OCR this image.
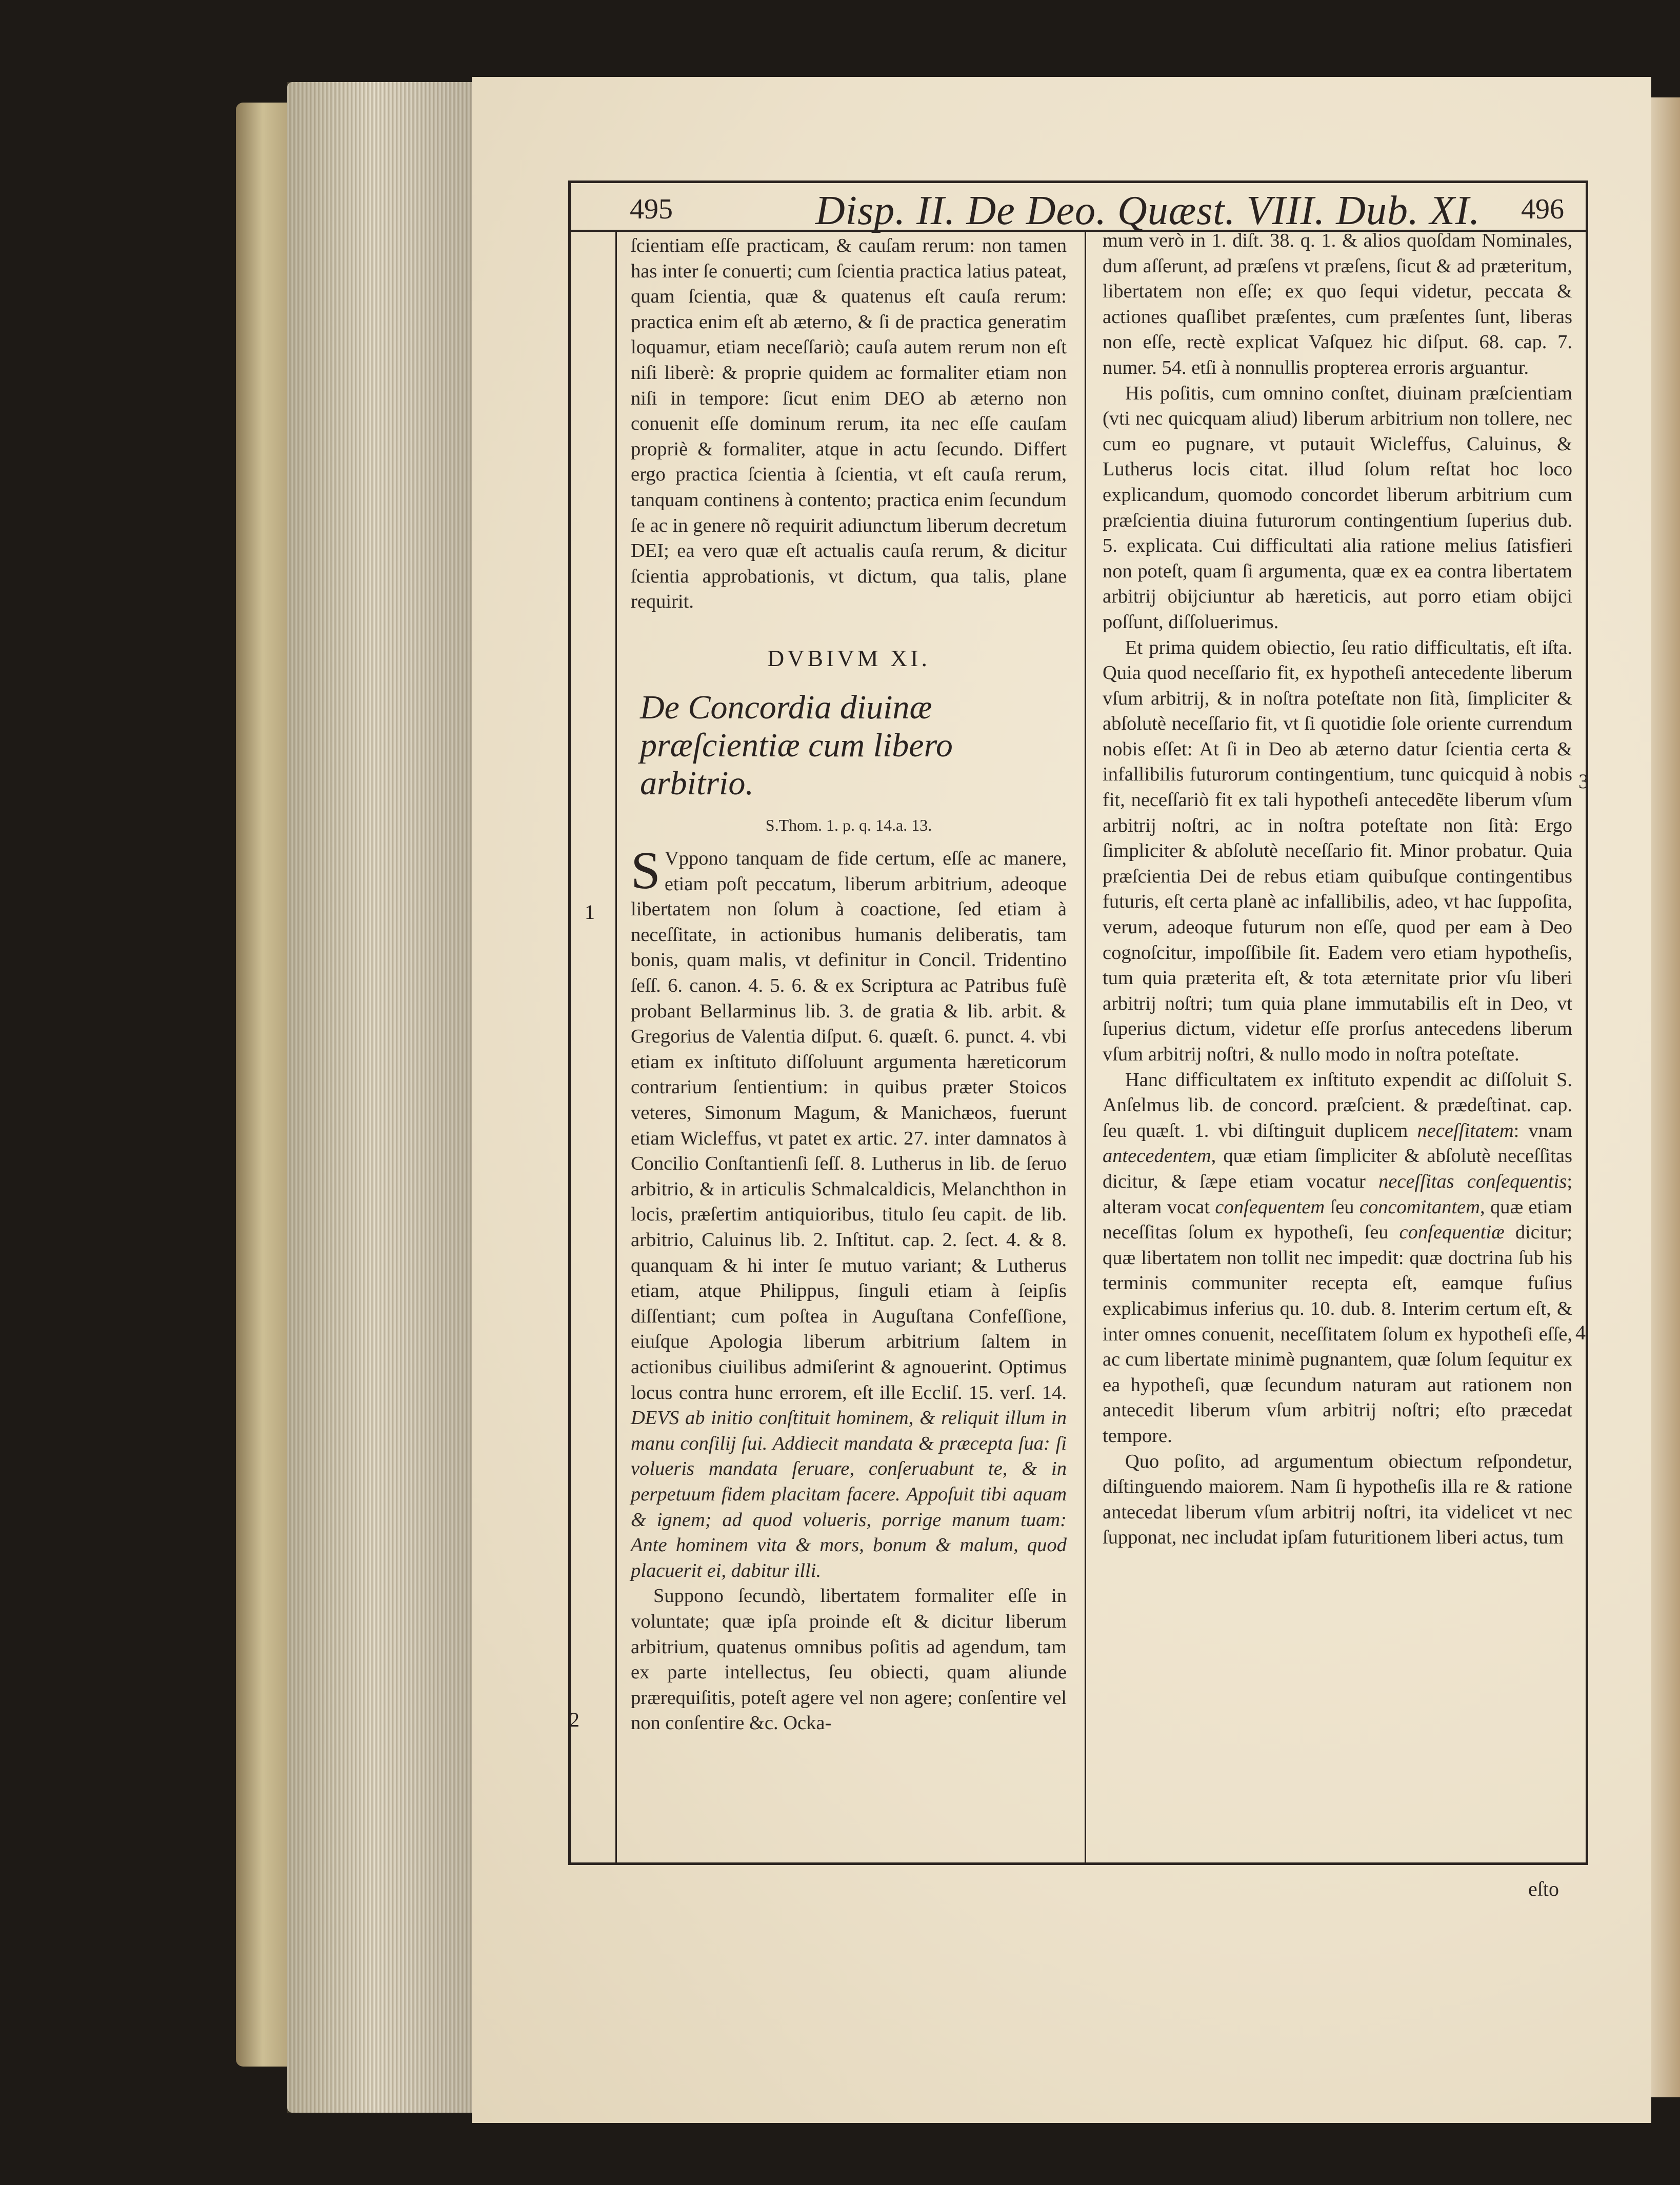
495	Disp. II. De Deo. Quæst. VIII. Dub. XI. 496

ſcientiam eſſe practicam, & cauſam rerum: non tamen has inter ſe conuerti; cum ſcientia practica latius pateat, quam ſcientia, quæ & quatenus eſt cauſa rerum: practica enim eſt ab æterno, & ſi de practica generatim loquamur, etiam neceſſariò; cauſa autem rerum non eſt niſi liberè: & proprie quidem ac formaliter etiam non niſi in tempore: ſicut enim DEO ab æterno non conuenit eſſe dominum rerum, ita nec eſſe cauſam propriè & formaliter, atque in actu ſecundo. Differt ergo practica ſcientia à ſcientia, vt eſt cauſa rerum, tanquam continens à contento; practica enim ſecundum ſe ac in genere nõ requirit adiunctum liberum decretum DEI; ea vero quæ eſt actualis cauſa rerum, & dicitur ſcientia approbationis, vt dictum, qua talis, plane requirit.

DVBIVM XI.
De Concordia diuinæ præſcientiæ cum libero arbitrio.
S.Thom. 1. p. q. 14.a. 13.

S Vppono tanquam de fide certum, eſſe ac manere, etiam poſt peccatum, liberum arbitrium, adeoque libertatem non ſolum à coactione, ſed etiam à neceſſitate, in actionibus humanis deliberatis, tam bonis, quam malis, vt definitur in Concil. Tridentino ſeſſ. 6. canon. 4. 5. 6. & ex Scriptura ac Patribus fuſè probant Bellarminus lib. 3. de gratia & lib. arbit. & Gregorius de Valentia diſput. 6. quæſt. 6. punct. 4. vbi etiam ex inſtituto diſſoluunt argumenta hæreticorum contrarium ſentientium: in quibus præter Stoicos veteres, Simonum Magum, & Manichæos, fuerunt etiam Wicleffus, vt patet ex artic. 27. inter damnatos à Concilio Conſtantienſi ſeſſ. 8. Lutherus in lib. de ſeruo arbitrio, & in articulis Schmalcaldicis, Melanchthon in locis, præſertim antiquioribus, titulo ſeu capit. de lib. arbitrio, Caluinus lib. 2. Inſtitut. cap. 2. ſect. 4. & 8. quanquam & hi inter ſe mutuo variant; & Lutherus etiam, atque Philippus, ſinguli etiam à ſeipſis diſſentiant; cum poſtea in Auguſtana Confeſſione, eiuſque Apologia liberum arbitrium ſaltem in actionibus ciuilibus admiſerint & agnouerint. Optimus locus contra hunc errorem, eſt ille Eccliſ. 15. verſ. 14. DEVS ab initio conſtituit hominem, & reliquit illum in manu conſilij ſui. Addiecit mandata & præcepta ſua: ſi volueris mandata ſeruare, conſeruabunt te, & in perpetuum fidem placitam facere. Appoſuit tibi aquam & ignem; ad quod volueris, porrige manum tuam: Ante hominem vita & mors, bonum & malum, quod placuerit ei, dabitur illi.

Suppono ſecundò, libertatem formaliter eſſe in voluntate; quæ ipſa proinde eſt & dicitur liberum arbitrium, quatenus omnibus poſitis ad agendum, tam ex parte intellectus, ſeu obiecti, quam aliunde prærequiſitis, poteſt agere vel non agere; conſentire vel non conſentire &c. Ocka-

mum verò in 1. diſt. 38. q. 1. & alios quoſdam Nominales, dum aſſerunt, ad præſens vt præſens, ſicut & ad præteritum, libertatem non eſſe; ex quo ſequi videtur, peccata & actiones quaſlibet præſentes, cum præſentes ſunt, liberas non eſſe, rectè explicat Vaſquez hic diſput. 68. cap. 7. numer. 54. etſi à nonnullis propterea erroris arguantur.

His poſitis, cum omnino conſtet, diuinam præſcientiam (vti nec quicquam aliud) liberum arbitrium non tollere, nec cum eo pugnare, vt putauit Wicleffus, Caluinus, & Lutherus locis citat. illud ſolum reſtat hoc loco explicandum, quomodo concordet liberum arbitrium cum præſcientia diuina futurorum contingentium ſuperius dub. 5. explicata. Cui difficultati alia ratione melius ſatisfieri non poteſt, quam ſi argumenta, quæ ex ea contra libertatem arbitrij obijciuntur ab hæreticis, aut porro etiam obijci poſſunt, diſſoluerimus.

Et prima quidem obiectio, ſeu ratio difficultatis, eſt iſta. Quia quod neceſſario fit, ex hypotheſi antecedente liberum vſum arbitrij, & in noſtra poteſtate non ſità, ſimpliciter & abſolutè neceſſario fit, vt ſi quotidie ſole oriente currendum nobis eſſet: At ſi in Deo ab æterno datur ſcientia certa & infallibilis futurorum contingentium, tunc quicquid à nobis fit, neceſſariò fit ex tali hypotheſi antecedẽte liberum vſum arbitrij noſtri, ac in noſtra poteſtate non ſità: Ergo ſimpliciter & abſolutè neceſſario fit. Minor probatur. Quia præſcientia Dei de rebus etiam quibuſque contingentibus futuris, eſt certa planè ac infallibilis, adeo, vt hac ſuppoſita, verum, adeoque futurum non eſſe, quod per eam à Deo cognoſcitur, impoſſibile ſit. Eadem vero etiam hypotheſis, tum quia præterita eſt, & tota æternitate prior vſu liberi arbitrij noſtri; tum quia plane immutabilis eſt in Deo, vt ſuperius dictum, videtur eſſe prorſus antecedens liberum vſum arbitrij noſtri, & nullo modo in noſtra poteſtate.

Hanc difficultatem ex inſtituto expendit ac diſſoluit S. Anſelmus lib. de concord. præſcient. & prædeſtinat. cap. ſeu quæſt. 1. vbi diſtinguit duplicem neceſſitatem: vnam antecedentem, quæ etiam ſimpliciter & abſolutè neceſſitas dicitur, & ſæpe etiam vocatur neceſſitas conſequentis; alteram vocat conſequentem ſeu concomitantem, quæ etiam neceſſitas ſolum ex hypotheſi, ſeu conſequentiæ dicitur; quæ libertatem non tollit nec impedit: quæ doctrina ſub his terminis communiter recepta eſt, eamque fuſius explicabimus inferius qu. 10. dub. 8. Interim certum eſt, & inter omnes conuenit, neceſſitatem ſolum ex hypotheſi eſſe, ac cum libertate minimè pugnantem, quæ ſolum ſequitur ex ea hypotheſi, quæ ſecundum naturam aut rationem non antecedit liberum vſum arbitrij noſtri; eſto præcedat tempore.

Quo poſito, ad argumentum obiectum reſpondetur, diſtinguendo maiorem. Nam ſi hypotheſis illa re & ratione antecedat liberum vſum arbitrij noſtri, ita videlicet vt nec ſupponat, nec includat ipſam futuritionem liberi actus, tum

1
2
3
4
eſto
